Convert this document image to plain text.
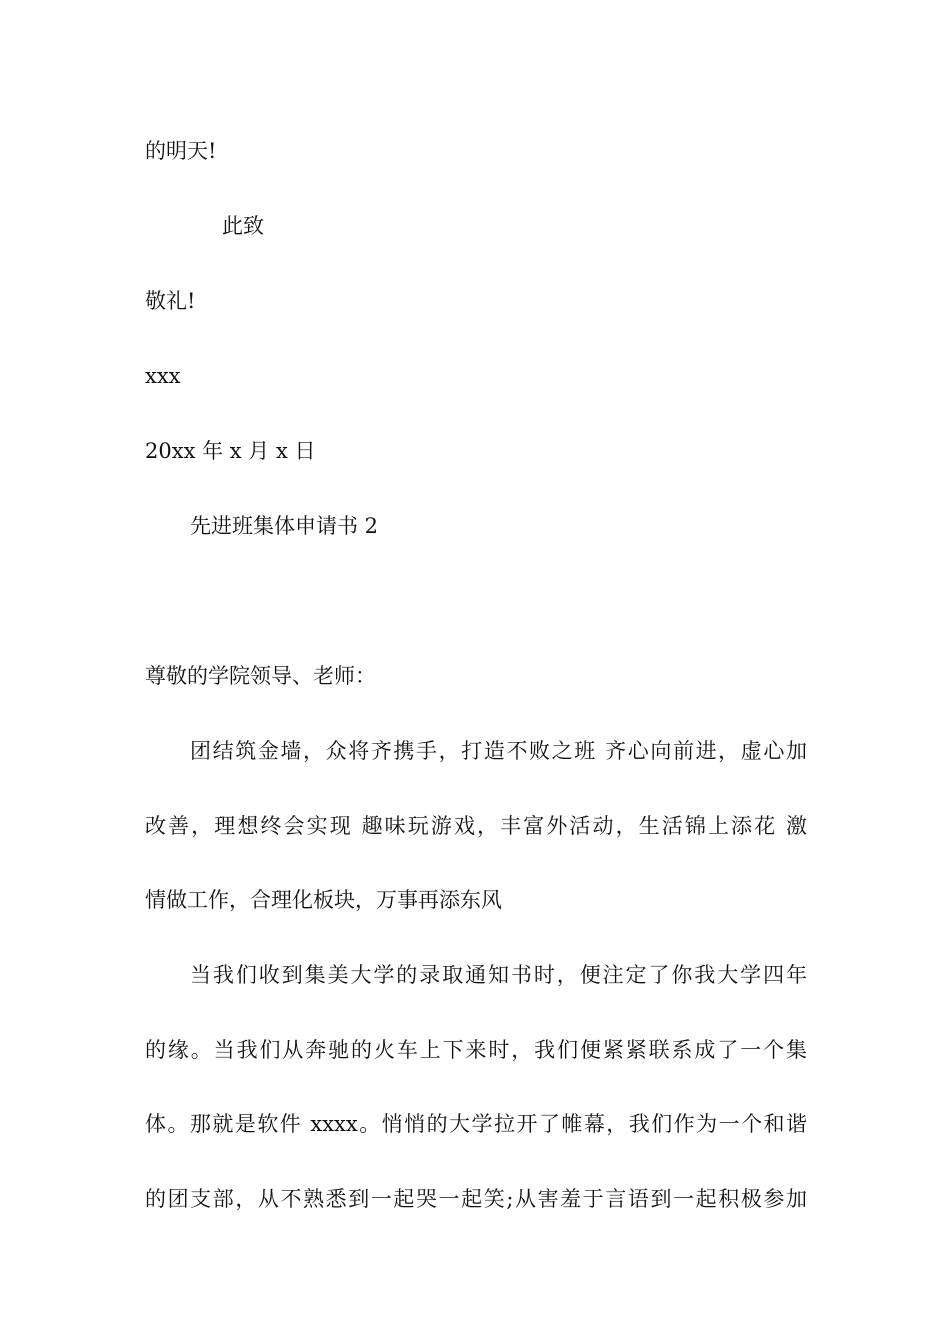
的明天!
此致
敬礼!
xxx
20xx 年 x 月 x 日
先进班集体申请书 2
尊敬的学院领导、老师：
团结筑金墙，众将齐携手，打造不败之班 齐心向前进，虚心加
改善，理想终会实现 趣味玩游戏，丰富外活动，生活锦上添花 激
情做工作，合理化板块，万事再添东风
当我们收到集美大学的录取通知书时，便注定了你我大学四年
的缘。当我们从奔驰的火车上下来时，我们便紧紧联系成了一个集
体。那就是软件 xxxx。悄悄的大学拉开了帷幕，我们作为一个和谐
的团支部，从不熟悉到一起哭一起笑;从害羞于言语到一起积极参加
